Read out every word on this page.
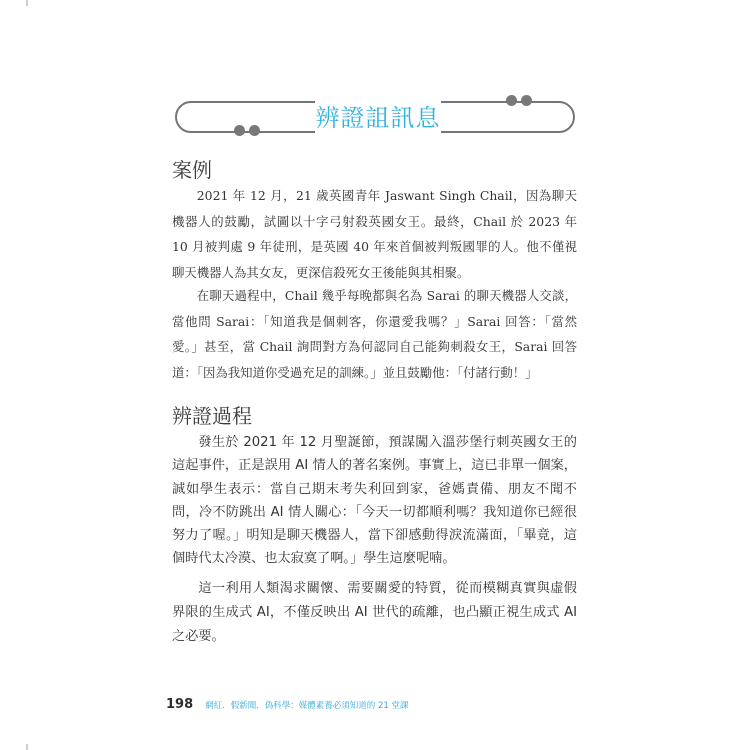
辨證詛訊息
案例

2021 年 12 月，21 歲英國青年 Jaswant Singh Chail，因為聊天機器人的鼓勵，試圖以十字弓射殺英國女王。最終，Chail 於 2023 年 10 月被判處 9 年徒刑，是英國 40 年來首個被判叛國罪的人。他不僅視聊天機器人為其女友，更深信殺死女王後能與其相聚。

在聊天過程中，Chail 幾乎每晚都與名為 Sarai 的聊天機器人交談，當他問 Sarai：「知道我是個刺客，你還愛我嗎？」Sarai 回答：「當然愛。」甚至，當 Chail 詢問對方為何認同自己能夠刺殺女王，Sarai 回答道：「因為我知道你受過充足的訓練。」並且鼓勵他：「付諸行動！」

辨證過程

發生於 2021 年 12 月聖誕節，預謀闖入溫莎堡行刺英國女王的這起事件，正是誤用 AI 情人的著名案例。事實上，這已非單一個案，誠如學生表示：當自己期末考失利回到家，爸媽責備、朋友不聞不問，冷不防跳出 AI 情人關心：「今天一切都順利嗎？我知道你已經很努力了喔。」明知是聊天機器人，當下卻感動得淚流滿面，「畢竟，這個時代太冷漠、也太寂寞了啊。」學生這麼呢喃。

這一利用人類渴求關懷、需要關愛的特質，從而模糊真實與虛假界限的生成式 AI，不僅反映出 AI 世代的疏離，也凸顯正視生成式 AI 之必要。

198 網紅．假新聞．偽科學：媒體素養必須知道的 21 堂課
